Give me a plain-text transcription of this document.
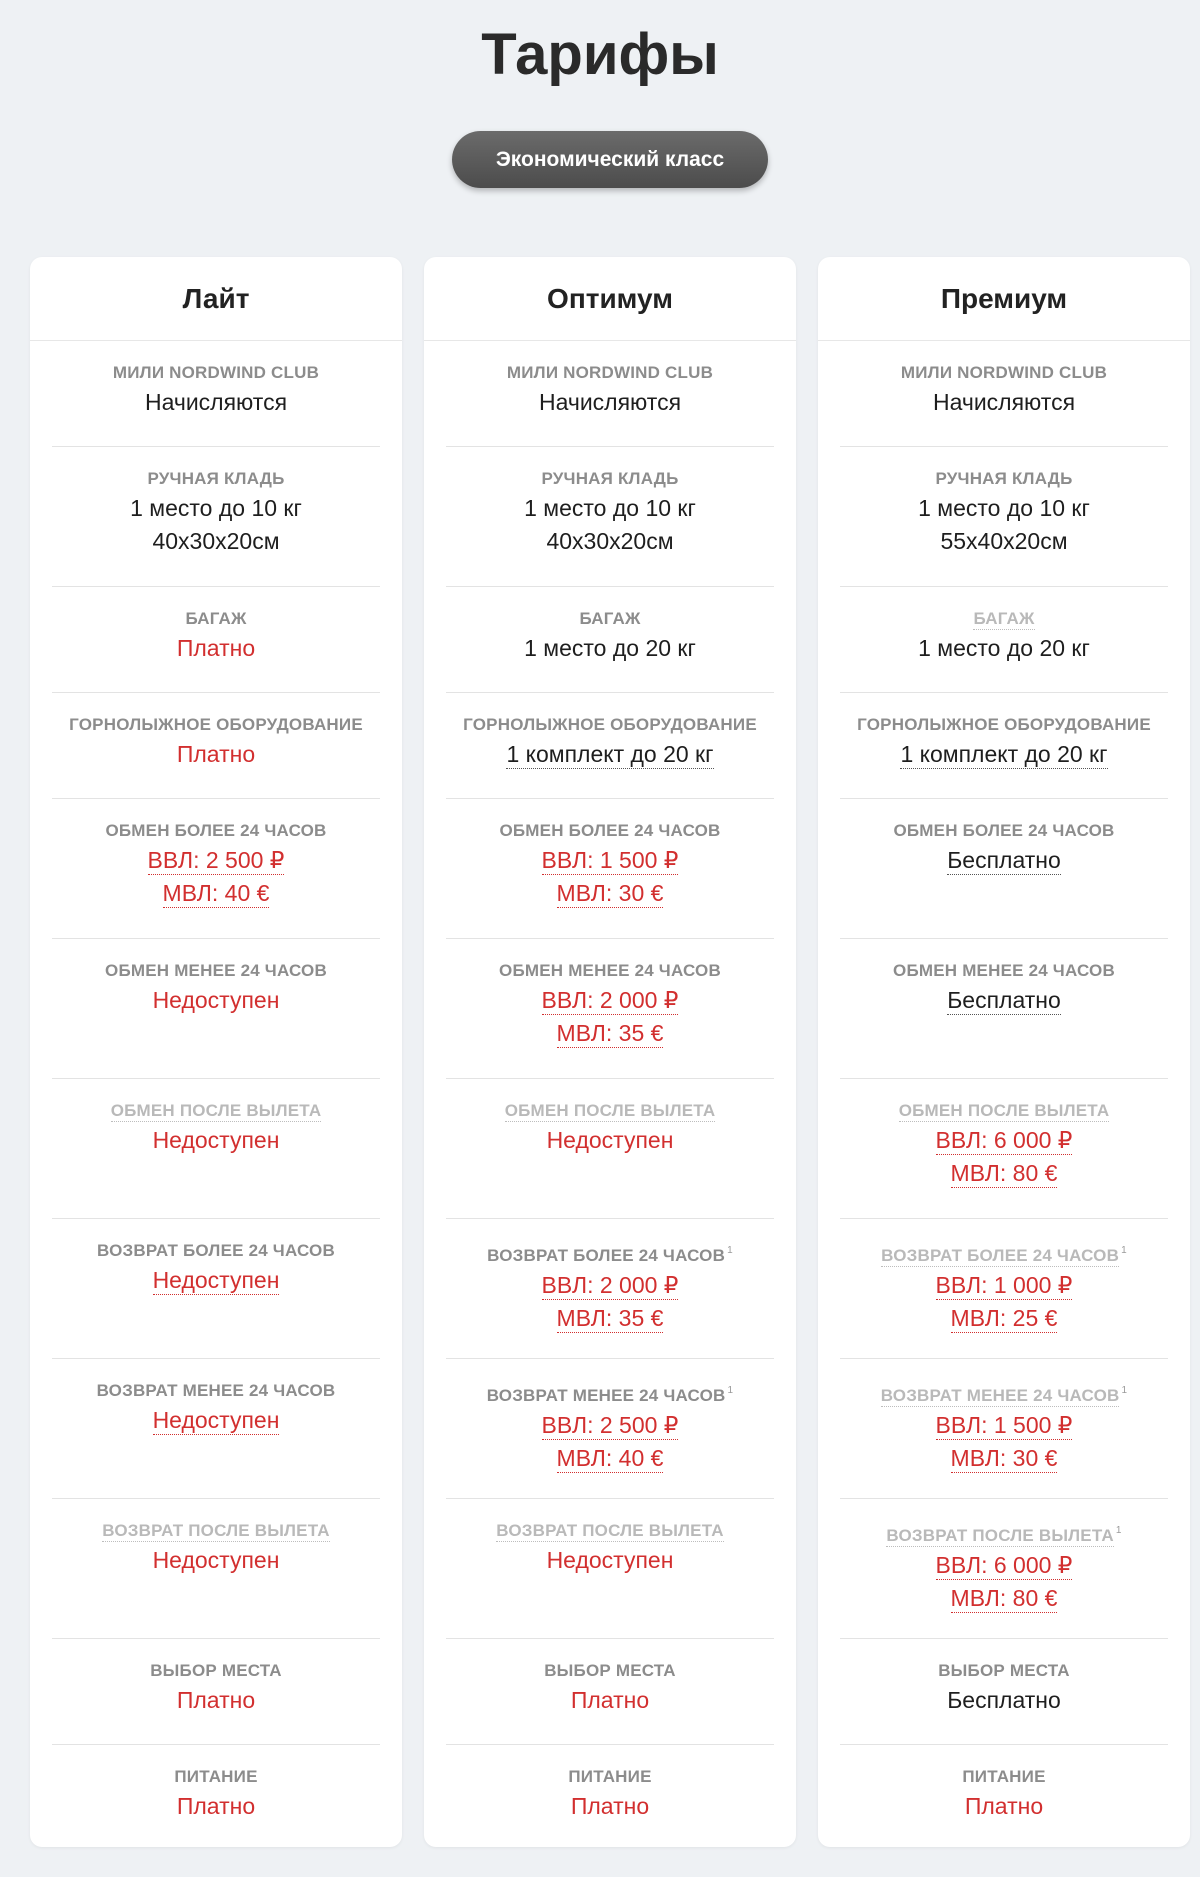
Тарифы
Экономический класс
Лайт
МИЛИ NORDWIND CLUB
Начисляются
РУЧНАЯ КЛАДЬ
1 место до 10 кг
40х30х20см
БАГАЖ
Платно
ГОРНОЛЫЖНОЕ ОБОРУДОВАНИЕ
Платно
ОБМЕН БОЛЕЕ 24 ЧАСОВ
ВВЛ: 2 500 ₽
МВЛ: 40 €
ОБМЕН МЕНЕЕ 24 ЧАСОВ
Недоступен
ОБМЕН ПОСЛЕ ВЫЛЕТА
Недоступен
ВОЗВРАТ БОЛЕЕ 24 ЧАСОВ
Недоступен
ВОЗВРАТ МЕНЕЕ 24 ЧАСОВ
Недоступен
ВОЗВРАТ ПОСЛЕ ВЫЛЕТА
Недоступен
ВЫБОР МЕСТА
Платно
ПИТАНИЕ
Платно
Оптимум
МИЛИ NORDWIND CLUB
Начисляются
РУЧНАЯ КЛАДЬ
1 место до 10 кг
40х30х20см
БАГАЖ
1 место до 20 кг
ГОРНОЛЫЖНОЕ ОБОРУДОВАНИЕ
1 комплект до 20 кг
ОБМЕН БОЛЕЕ 24 ЧАСОВ
ВВЛ: 1 500 ₽
МВЛ: 30 €
ОБМЕН МЕНЕЕ 24 ЧАСОВ
ВВЛ: 2 000 ₽
МВЛ: 35 €
ОБМЕН ПОСЛЕ ВЫЛЕТА
Недоступен
ВОЗВРАТ БОЛЕЕ 24 ЧАСОВ $^1$
ВВЛ: 2 000 ₽
МВЛ: 35 €
ВОЗВРАТ МЕНЕЕ 24 ЧАСОВ $^1$
ВВЛ: 2 500 ₽
МВЛ: 40 €
ВОЗВРАТ ПОСЛЕ ВЫЛЕТА
Недоступен
ВЫБОР МЕСТА
Платно
ПИТАНИЕ
Платно
Премиум
МИЛИ NORDWIND CLUB
Начисляются
РУЧНАЯ КЛАДЬ
1 место до 10 кг
55х40х20см
БАГАЖ
1 место до 20 кг
ГОРНОЛЫЖНОЕ ОБОРУДОВАНИЕ
1 комплект до 20 кг
ОБМЕН БОЛЕЕ 24 ЧАСОВ
Бесплатно
ОБМЕН МЕНЕЕ 24 ЧАСОВ
Бесплатно
ОБМЕН ПОСЛЕ ВЫЛЕТА
ВВЛ: 6 000 ₽
МВЛ: 80 €
ВОЗВРАТ БОЛЕЕ 24 ЧАСОВ $^1$
ВВЛ: 1 000 ₽
МВЛ: 25 €
ВОЗВРАТ МЕНЕЕ 24 ЧАСОВ $^1$
ВВЛ: 1 500 ₽
МВЛ: 30 €
ВОЗВРАТ ПОСЛЕ ВЫЛЕТА $^1$
ВВЛ: 6 000 ₽
МВЛ: 80 €
ВЫБОР МЕСТА
Бесплатно
ПИТАНИЕ
Платно
